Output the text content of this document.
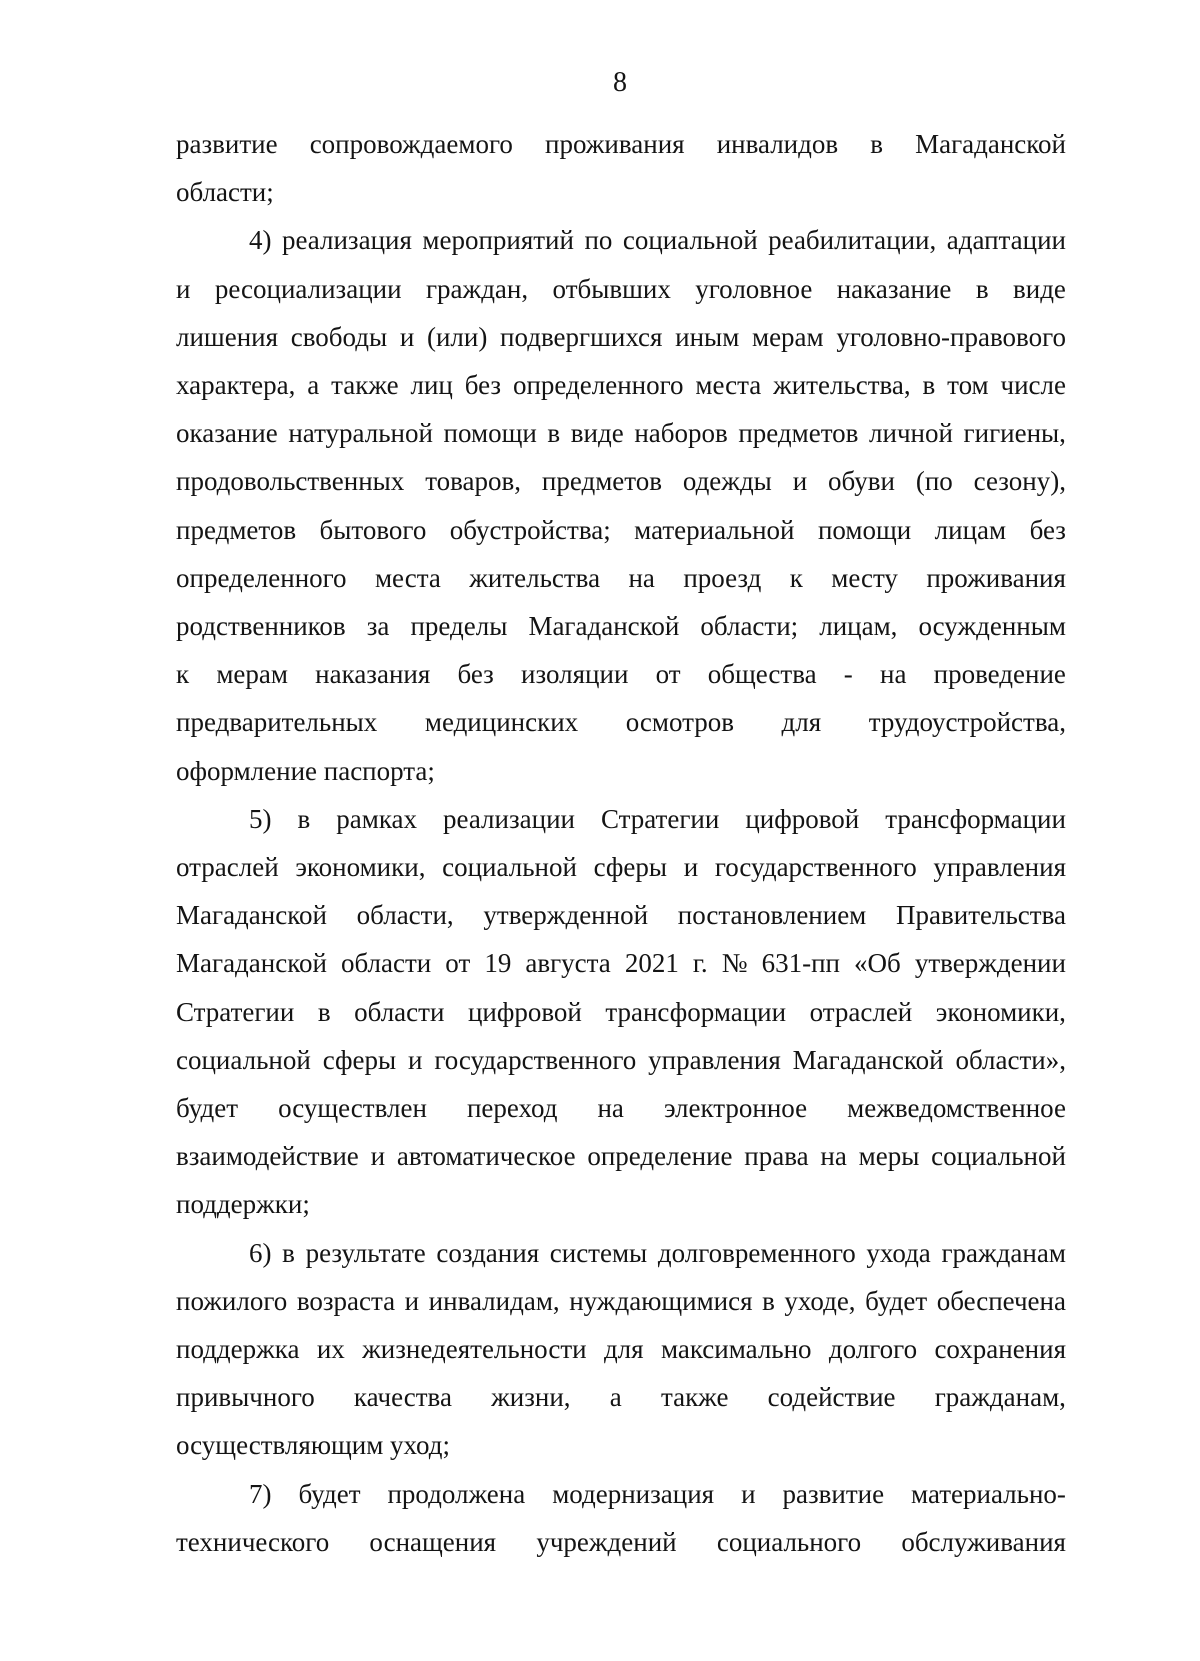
8

развитие сопровождаемого проживания инвалидов в Магаданской
области;

4) реализация мероприятий по социальной реабилитации, адаптации
и ресоциализации граждан, отбывших уголовное наказание в виде
лишения свободы и (или) подвергшихся иным мерам уголовно-правового
характера, а также лиц без определенного места жительства, в том числе
оказание натуральной помощи в виде наборов предметов личной гигиены,
продовольственных товаров, предметов одежды и обуви (по сезону),
предметов бытового обустройства; материальной помощи лицам без
определенного места жительства на проезд к месту проживания
родственников за пределы Магаданской области; лицам, осужденным
к мерам наказания без изоляции от общества - на проведение
предварительных медицинских осмотров для трудоустройства,
оформление паспорта;

5) в рамках реализации Стратегии цифровой трансформации
отраслей экономики, социальной сферы и государственного управления
Магаданской области, утвержденной постановлением Правительства
Магаданской области от 19 августа 2021 г. № 631-пп «Об утверждении
Стратегии в области цифровой трансформации отраслей экономики,
социальной сферы и государственного управления Магаданской области»,
будет осуществлен переход на электронное межведомственное
взаимодействие и автоматическое определение права на меры социальной
поддержки;

6) в результате создания системы долговременного ухода гражданам
пожилого возраста и инвалидам, нуждающимися в уходе, будет обеспечена
поддержка их жизнедеятельности для максимально долгого сохранения
привычного качества жизни, а также содействие гражданам,
осуществляющим уход;

7) будет продолжена модернизация и развитие материально-
технического оснащения учреждений социального обслуживания
